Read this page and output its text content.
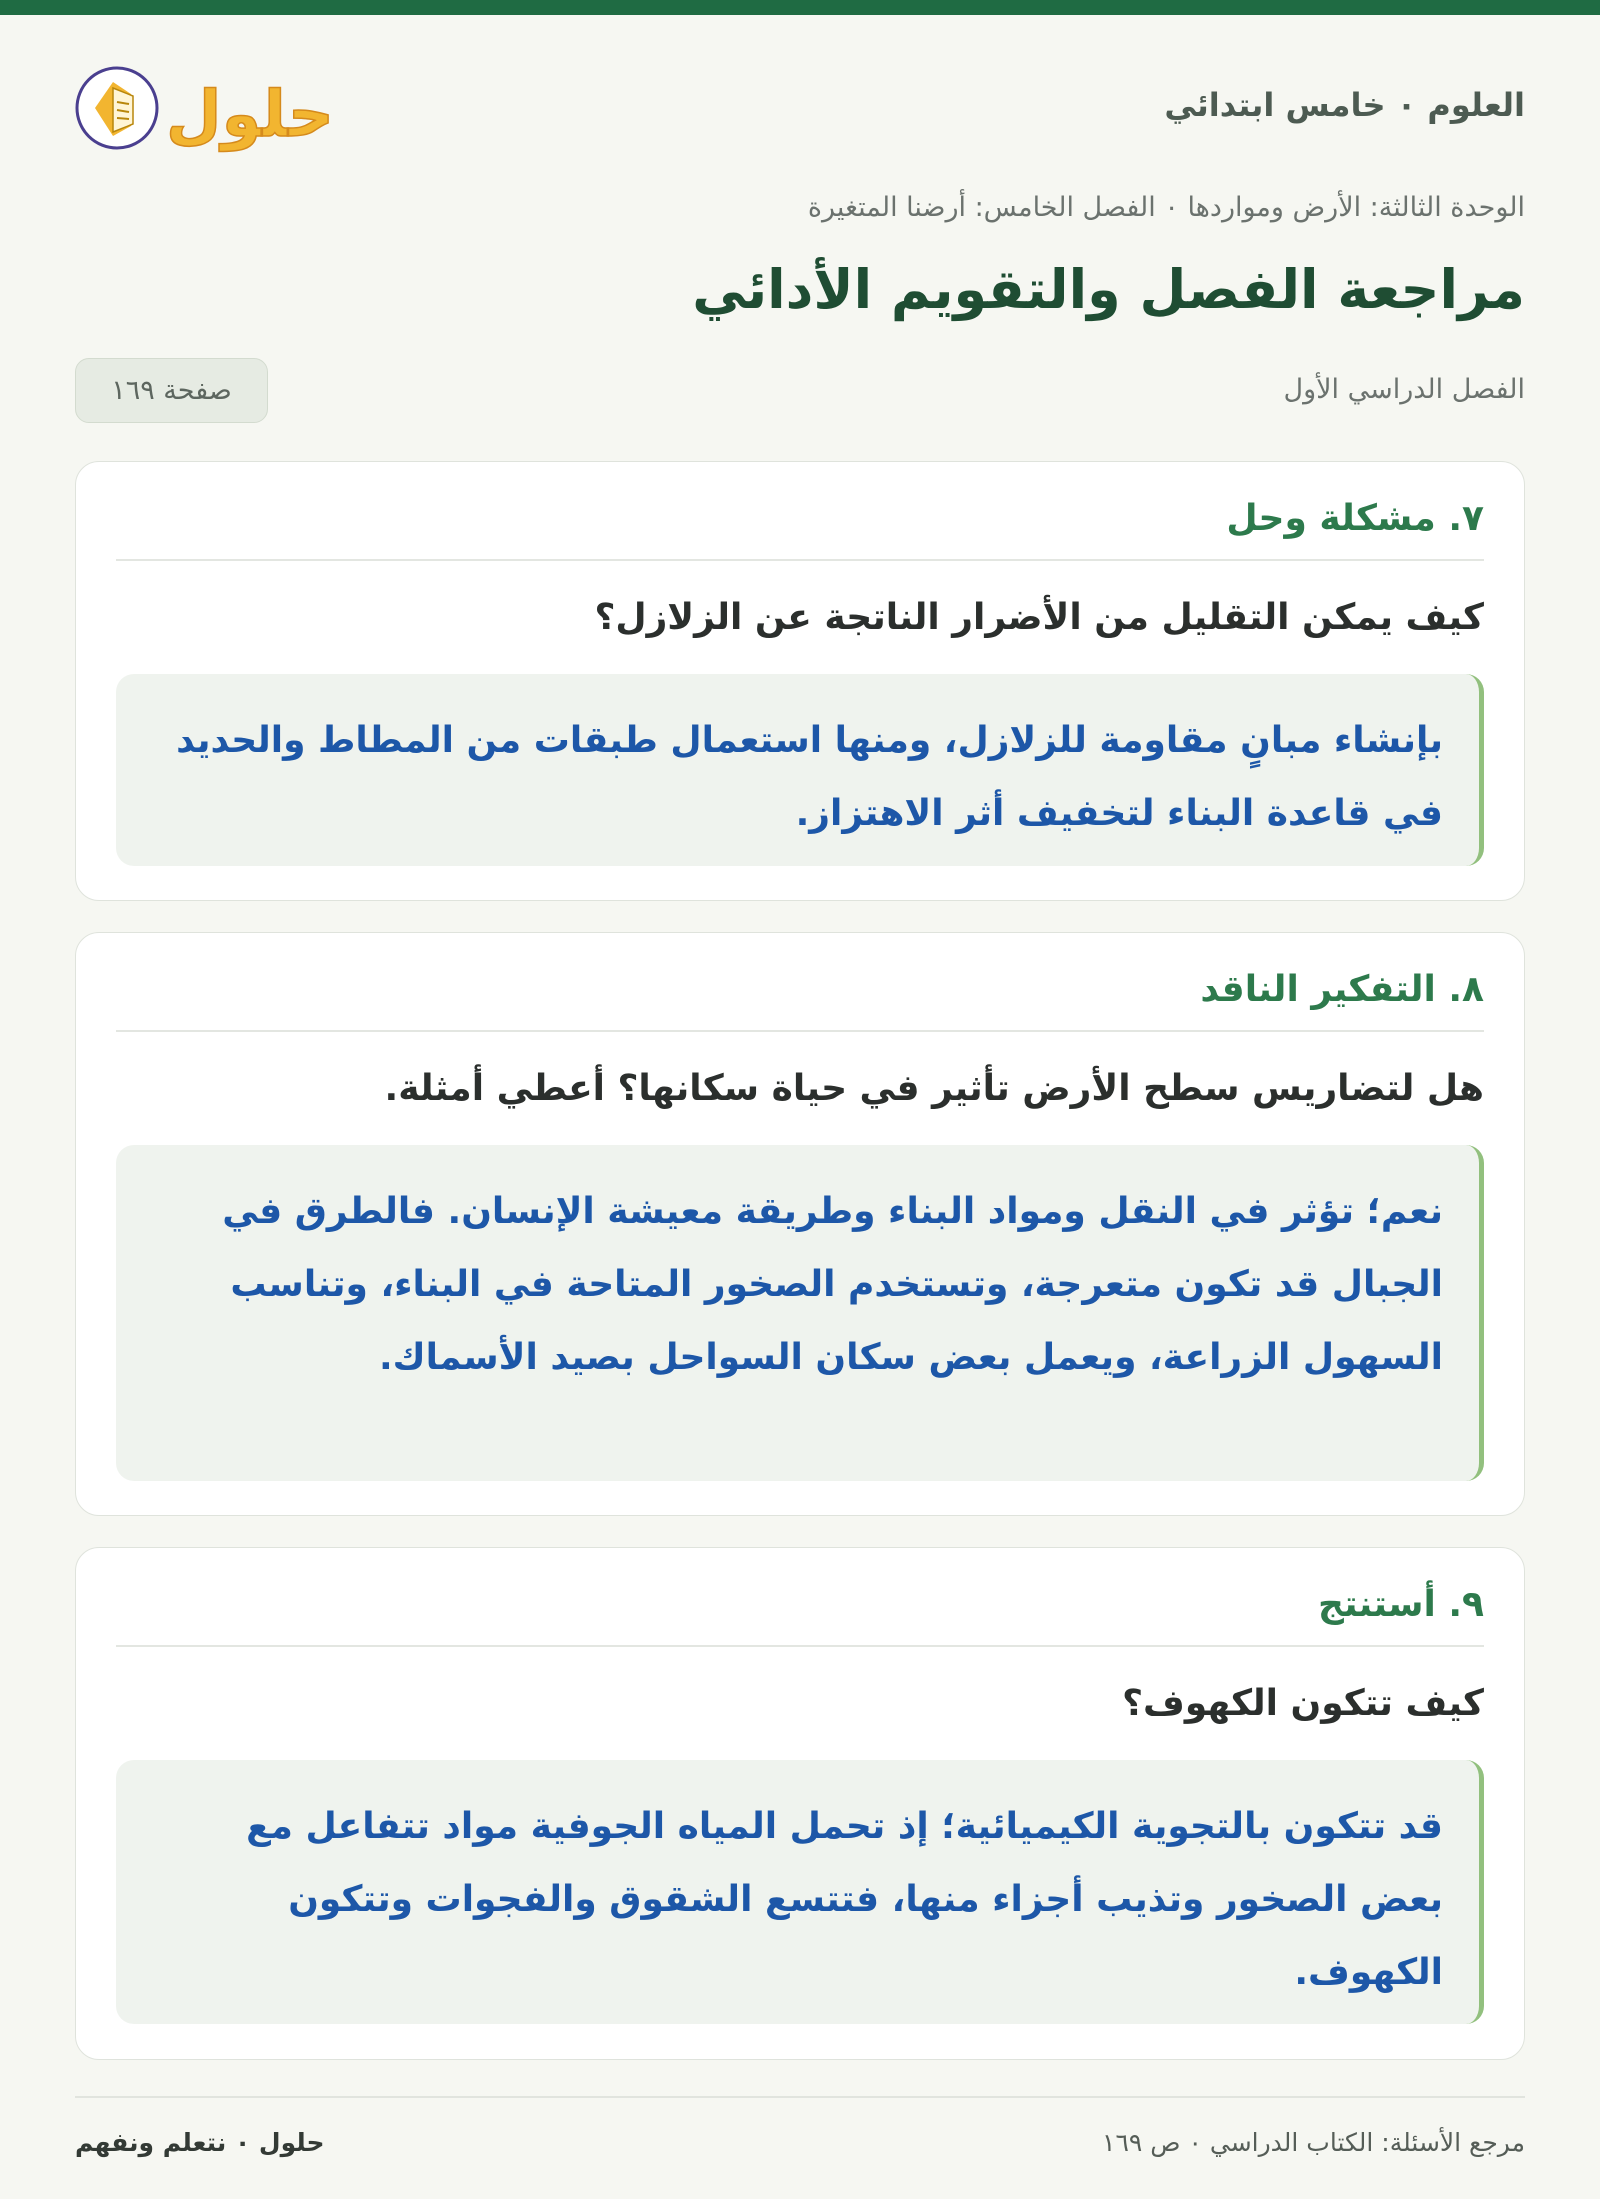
العلوم ٠ خامس ابتدائي
حلول
الوحدة الثالثة: الأرض ومواردها ٠ الفصل الخامس: أرضنا المتغيرة
مراجعة الفصل والتقويم الأدائي
الفصل الدراسي الأول
صفحة ١٦٩
٧. مشكلة وحل
كيف يمكن التقليل من الأضرار الناتجة عن الزلازل؟
بإنشاء مبانٍ مقاومة للزلازل، ومنها استعمال طبقات من المطاط والحديد في قاعدة البناء لتخفيف أثر الاهتزاز.
٨. التفكير الناقد
هل لتضاريس سطح الأرض تأثير في حياة سكانها؟ أعطي أمثلة.
نعم؛ تؤثر في النقل ومواد البناء وطريقة معيشة الإنسان. فالطرق في الجبال قد تكون متعرجة، وتستخدم الصخور المتاحة في البناء، وتناسب السهول الزراعة، ويعمل بعض سكان السواحل بصيد الأسماك.
٩. أستنتج
كيف تتكون الكهوف؟
قد تتكون بالتجوية الكيميائية؛ إذ تحمل المياه الجوفية مواد تتفاعل مع بعض الصخور وتذيب أجزاء منها، فتتسع الشقوق والفجوات وتتكون الكهوف.
مرجع الأسئلة: الكتاب الدراسي ٠ ص ١٦٩
حلول ٠ نتعلم ونفهم
